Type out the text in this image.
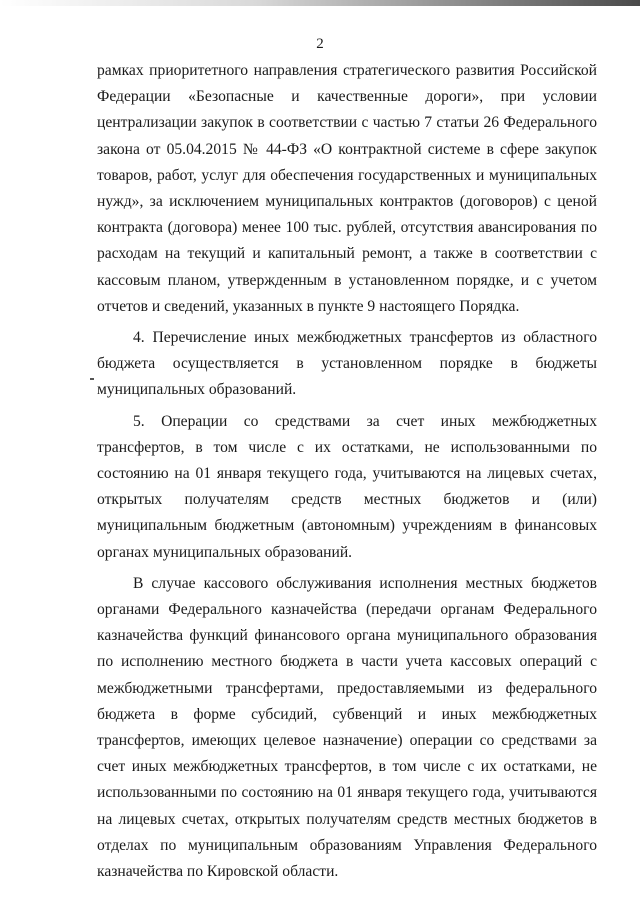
2

рамках приоритетного направления стратегического развития Российской Федерации «Безопасные и качественные дороги», при условии централизации закупок в соответствии с частью 7 статьи 26 Федерального закона от 05.04.2015 № 44-ФЗ «О контрактной системе в сфере закупок товаров, работ, услуг для обеспечения государственных и муниципальных нужд», за исключением муниципальных контрактов (договоров) с ценой контракта (договора) менее 100 тыс. рублей, отсутствия авансирования по расходам на текущий и капитальный ремонт, а также в соответствии с кассовым планом, утвержденным в установленном порядке, и с учетом отчетов и сведений, указанных в пункте 9 настоящего Порядка.

4. Перечисление иных межбюджетных трансфертов из областного бюджета осуществляется в установленном порядке в бюджеты муниципальных образований.

5. Операции со средствами за счет иных межбюджетных трансфертов, в том числе с их остатками, не использованными по состоянию на 01 января текущего года, учитываются на лицевых счетах, открытых получателям средств местных бюджетов и (или) муниципальным бюджетным (автономным) учреждениям в финансовых органах муниципальных образований.

В случае кассового обслуживания исполнения местных бюджетов органами Федерального казначейства (передачи органам Федерального казначейства функций финансового органа муниципального образования по исполнению местного бюджета в части учета кассовых операций с межбюджетными трансфертами, предоставляемыми из федерального бюджета в форме субсидий, субвенций и иных межбюджетных трансфертов, имеющих целевое назначение) операции со средствами за счет иных межбюджетных трансфертов, в том числе с их остатками, не использованными по состоянию на 01 января текущего года, учитываются на лицевых счетах, открытых получателям средств местных бюджетов в отделах по муниципальным образованиям Управления Федерального казначейства по Кировской области.
